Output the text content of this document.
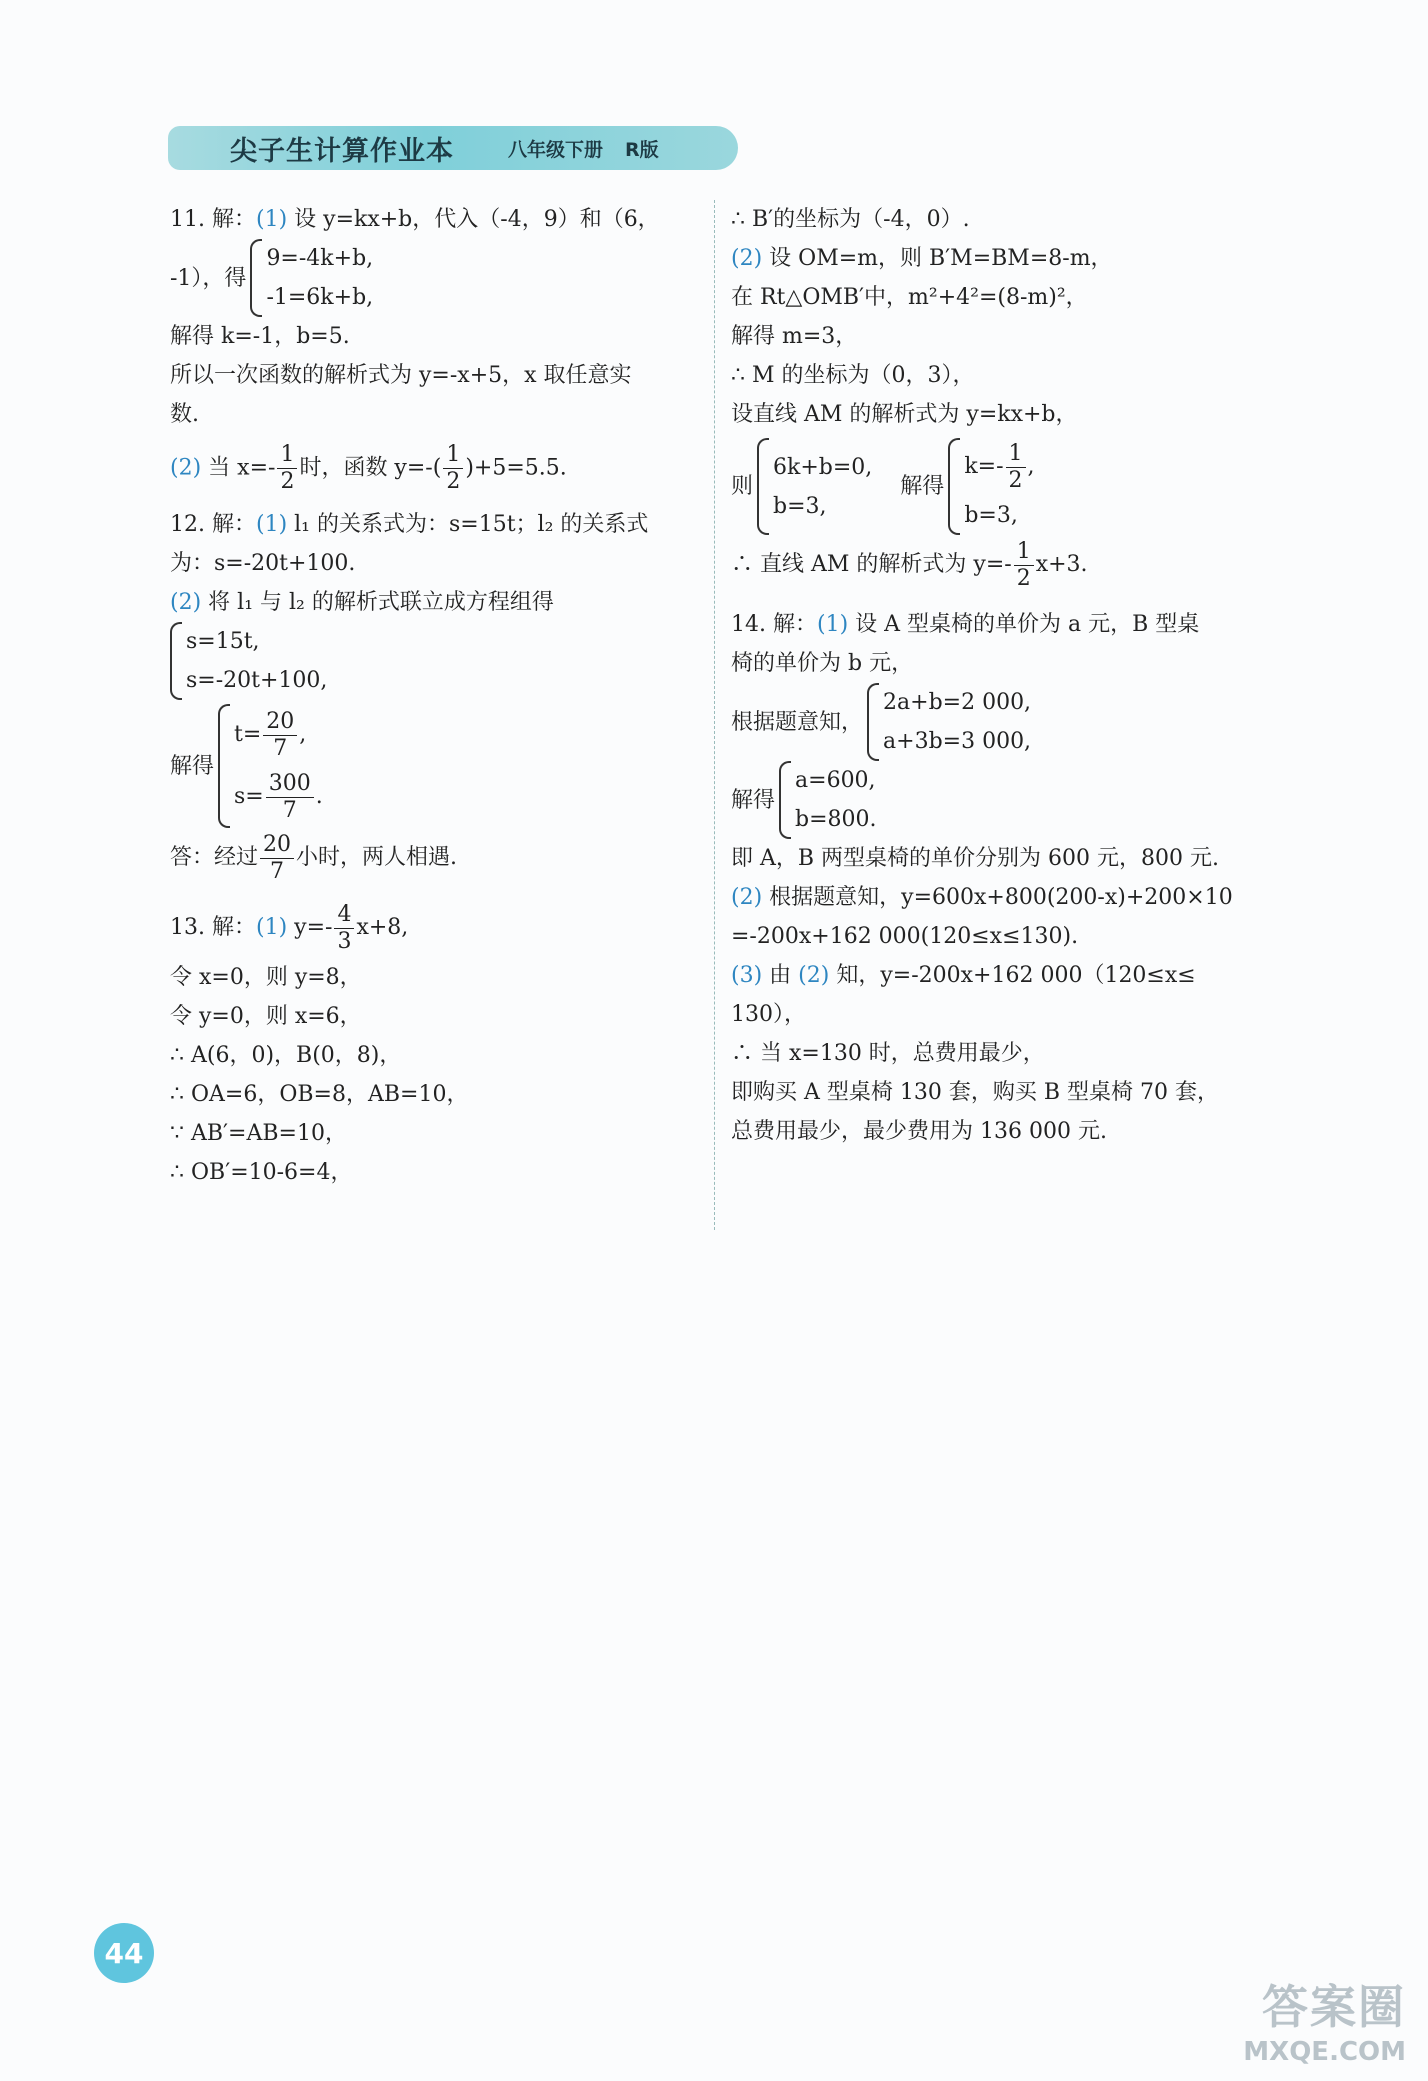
尖子生计算作业本	八年级下册 R版
11. 解：(1) 设 y=kx+b，代入（-4，9）和（6，
-1），得
9=-4k+b,
-1=6k+b,
解得 k=-1，b=5.
所以一次函数的解析式为 y=-x+5，x 取任意实
数.
(2) 当 $x=- \frac{1}{2}$ 时，函数 $y=-( \frac{1}{2} )+5=5.5$.
12. 解：(1) l₁ 的关系式为：s=15t；l₂ 的关系式
为：s=-20t+100.
(2) 将 l₁ 与 l₂ 的解析式联立成方程组得
s=15t,
s=-20t+100,
解得
$t= \frac{20}{7}$ ,
$s= \frac{300}{7}$ .
答：经过 $\frac{20}{7}$ 小时，两人相遇.
13. 解：(1) $y=- \frac{4}{3} x+8$,
令 x=0，则 y=8，
令 y=0，则 x=6，
∴ A(6，0)，B(0，8)，
∴ OA=6，OB=8，AB=10，
∵ AB′=AB=10，
∴ OB′=10-6=4，
∴ B′的坐标为（-4，0）.
(2) 设 OM=m，则 B′M=BM=8-m，
在 Rt△OMB′中，m²+4²=(8-m)²，
解得 m=3，
∴ M 的坐标为（0，3），
设直线 AM 的解析式为 y=kx+b，
则
6k+b=0,
b=3,
解得
$k=- \frac{1}{2}$ ,
b=3,
∴ 直线 AM 的解析式为 $y=- \frac{1}{2} x+3$.
14. 解：(1) 设 A 型桌椅的单价为 a 元，B 型桌
椅的单价为 b 元，
根据题意知，
2a+b=2 000,
a+3b=3 000,
解得
a=600,
b=800.
即 A，B 两型桌椅的单价分别为 600 元，800 元.
(2) 根据题意知，y=600x+800(200-x)+200×10
=-200x+162 000(120≤x≤130).
(3) 由 (2) 知，y=-200x+162 000（120≤x≤
130），
∴ 当 x=130 时，总费用最少，
即购买 A 型桌椅 130 套，购买 B 型桌椅 70 套，
总费用最少，最少费用为 136 000 元.
44
答案圈
MXQE.COM
